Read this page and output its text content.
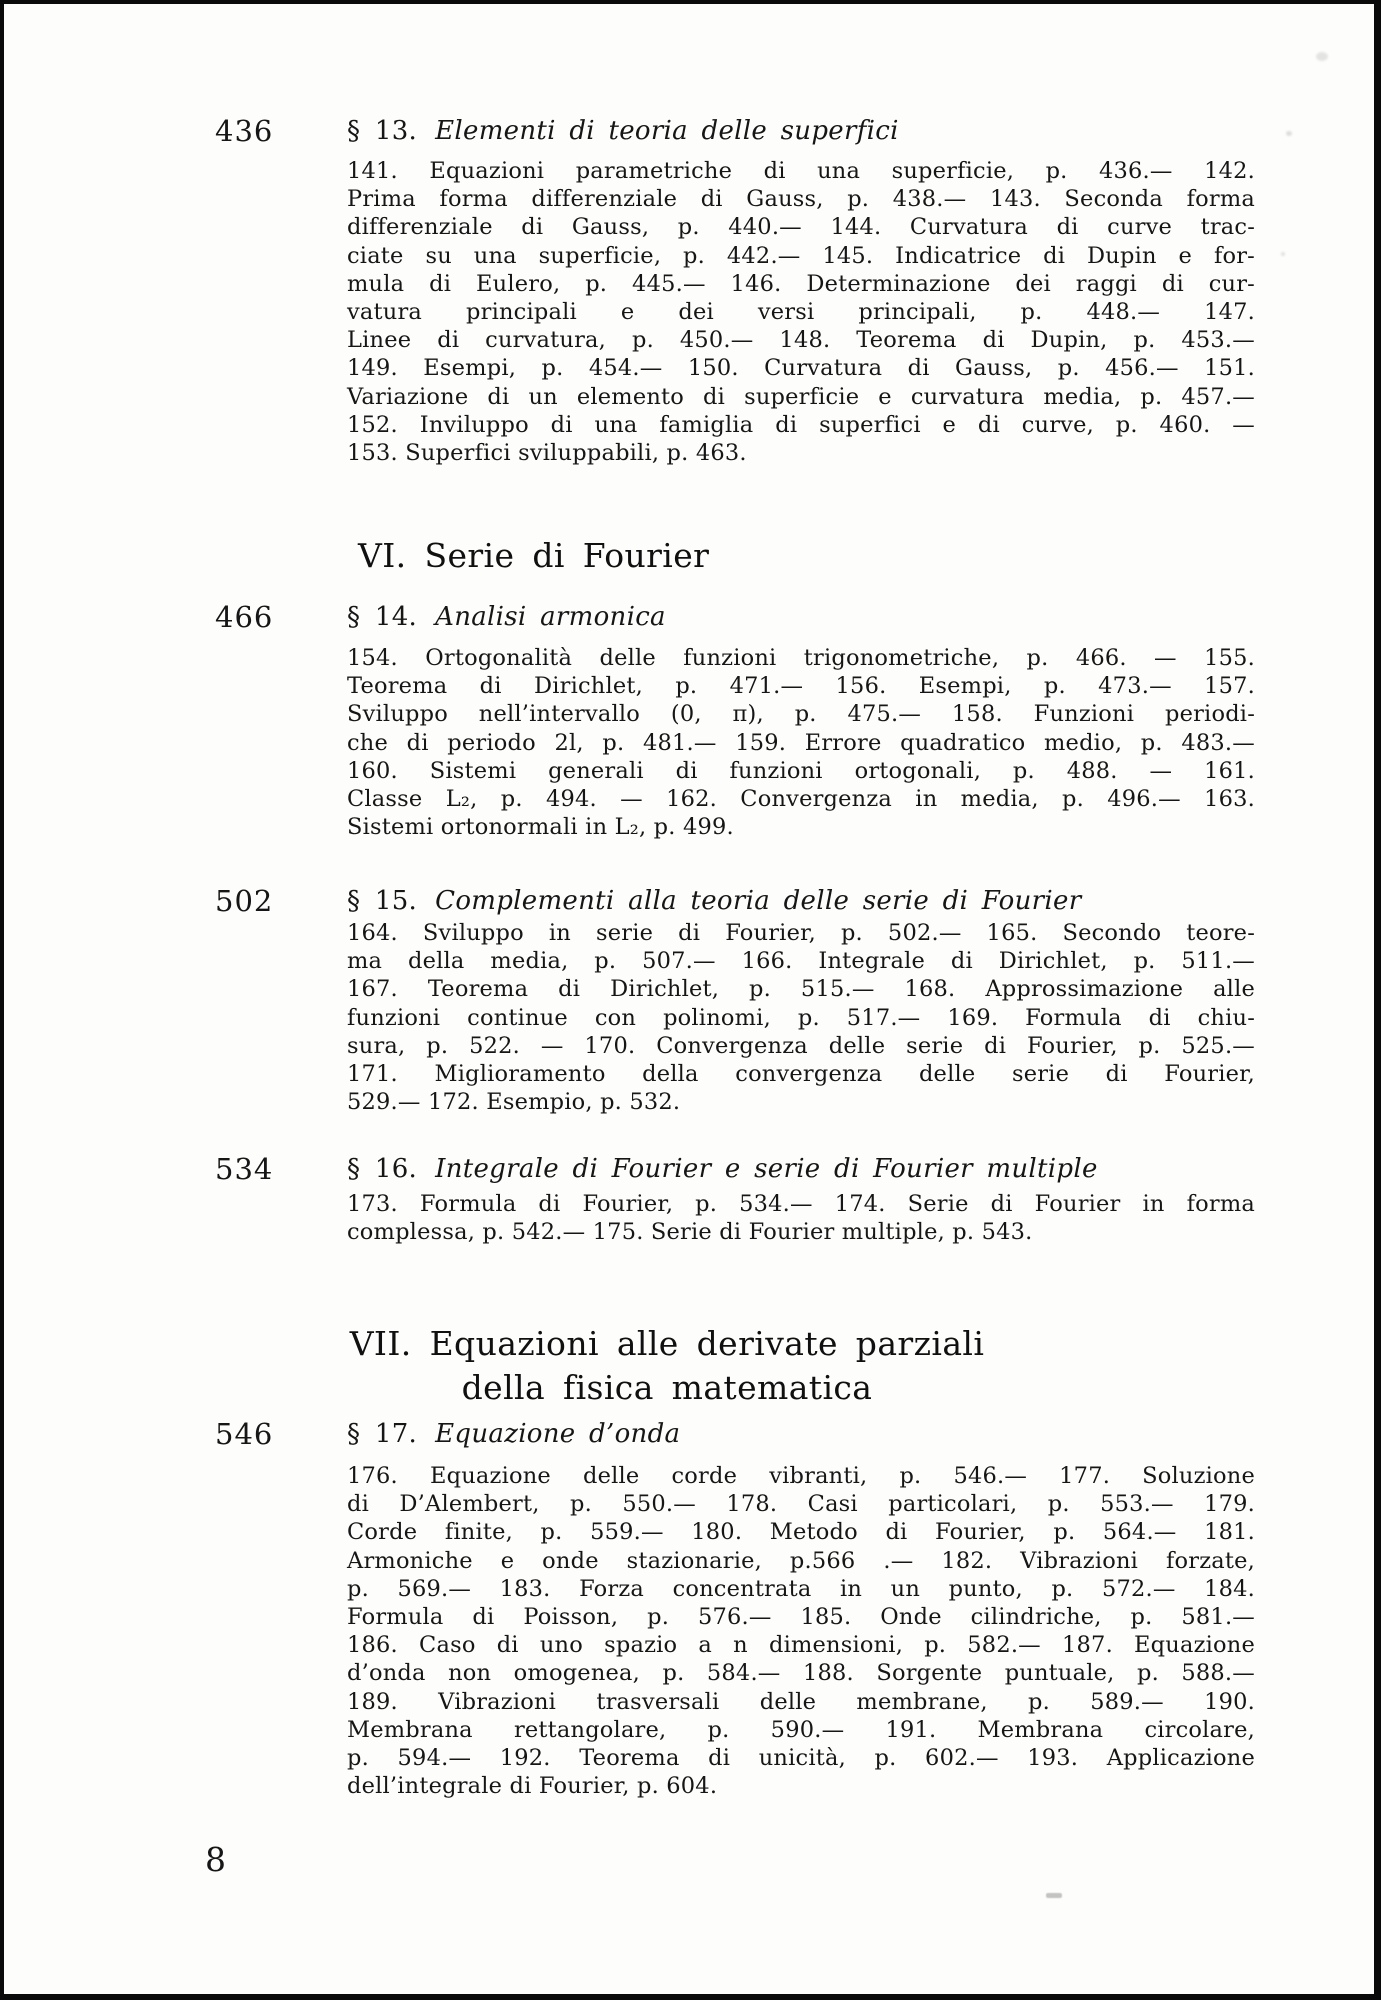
436	§ 13. Elementi di teoria delle superfici
141. Equazioni parametriche di una superficie, p. 436.— 142.
Prima forma differenziale di Gauss, p. 438.— 143. Seconda forma
differenziale di Gauss, p. 440.— 144. Curvatura di curve trac-
ciate su una superficie, p. 442.— 145. Indicatrice di Dupin e for-
mula di Eulero, p. 445.— 146. Determinazione dei raggi di cur-
vatura principali e dei versi principali, p. 448.— 147.
Linee di curvatura, p. 450.— 148. Teorema di Dupin, p. 453.—
149. Esempi, p. 454.— 150. Curvatura di Gauss, p. 456.— 151.
Variazione di un elemento di superficie e curvatura media, p. 457.—
152. Inviluppo di una famiglia di superfici e di curve, p. 460. —
153. Superfici sviluppabili, p. 463.
VI. Serie di Fourier
466	§ 14. Analisi armonica
154. Ortogonalità delle funzioni trigonometriche, p. 466. — 155.
Teorema di Dirichlet, p. 471.— 156. Esempi, p. 473.— 157.
Sviluppo nell’intervallo (0, π), p. 475.— 158. Funzioni periodi-
che di periodo 2l, p. 481.— 159. Errore quadratico medio, p. 483.—
160. Sistemi generali di funzioni ortogonali, p. 488. — 161.
Classe L₂, p. 494. — 162. Convergenza in media, p. 496.— 163.
Sistemi ortonormali in L₂, p. 499.
502	§ 15. Complementi alla teoria delle serie di Fourier
164. Sviluppo in serie di Fourier, p. 502.— 165. Secondo teore-
ma della media, p. 507.— 166. Integrale di Dirichlet, p. 511.—
167. Teorema di Dirichlet, p. 515.— 168. Approssimazione alle
funzioni continue con polinomi, p. 517.— 169. Formula di chiu-
sura, p. 522. — 170. Convergenza delle serie di Fourier, p. 525.—
171. Miglioramento della convergenza delle serie di Fourier,
529.— 172. Esempio, p. 532.
534	§ 16. Integrale di Fourier e serie di Fourier multiple
173. Formula di Fourier, p. 534.— 174. Serie di Fourier in forma
complessa, p. 542.— 175. Serie di Fourier multiple, p. 543.
VII. Equazioni alle derivate parziali
della fisica matematica
546	§ 17. Equazione d’onda
176. Equazione delle corde vibranti, p. 546.— 177. Soluzione
di D’Alembert, p. 550.— 178. Casi particolari, p. 553.— 179.
Corde finite, p. 559.— 180. Metodo di Fourier, p. 564.— 181.
Armoniche e onde stazionarie, p.566 .— 182. Vibrazioni forzate,
p. 569.— 183. Forza concentrata in un punto, p. 572.— 184.
Formula di Poisson, p. 576.— 185. Onde cilindriche, p. 581.—
186. Caso di uno spazio a n dimensioni, p. 582.— 187. Equazione
d’onda non omogenea, p. 584.— 188. Sorgente puntuale, p. 588.—
189. Vibrazioni trasversali delle membrane, p. 589.— 190.
Membrana rettangolare, p. 590.— 191. Membrana circolare,
p. 594.— 192. Teorema di unicità, p. 602.— 193. Applicazione
dell’integrale di Fourier, p. 604.
8
